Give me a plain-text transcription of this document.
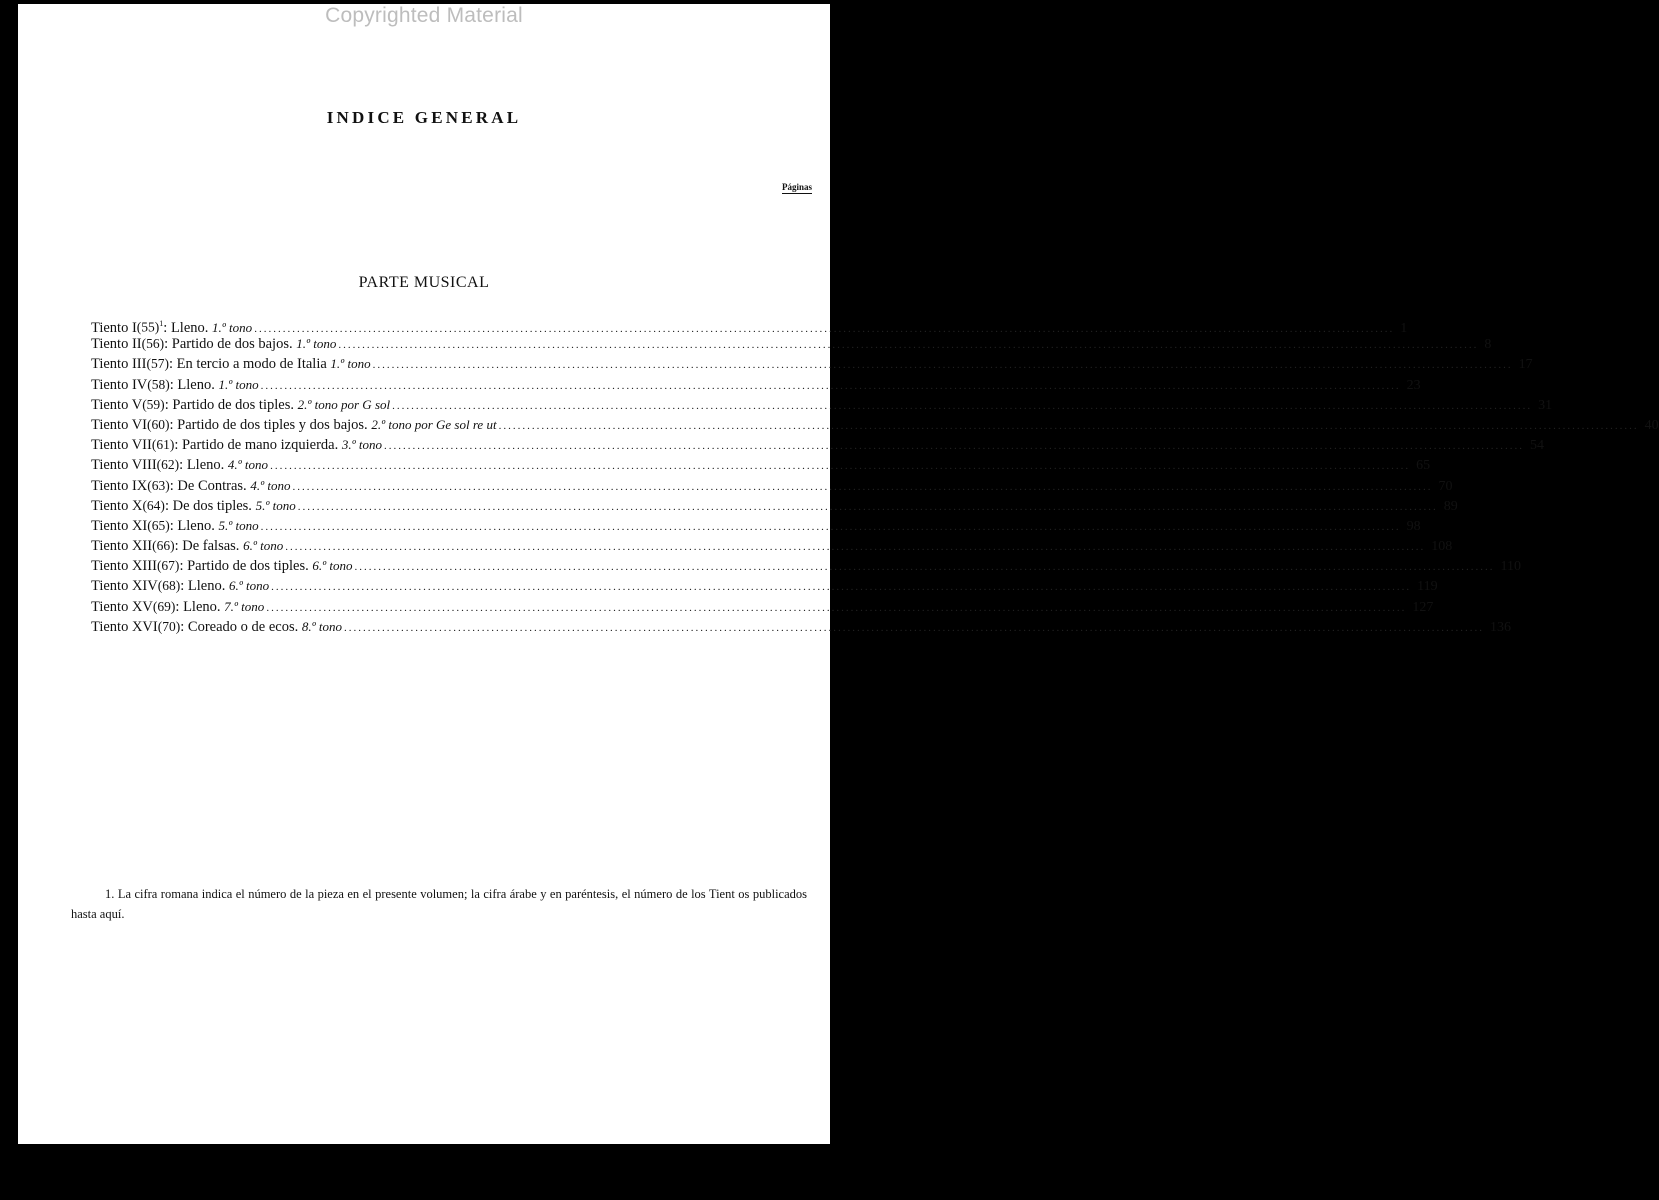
Copyrighted Material
INDICE GENERAL
Páginas
PARTE MUSICAL
Tiento I $(55)^1$ : Lleno. 1.º tono .....	1
Tiento II (56) : Partido de dos bajos. 1.º tono .....	8
Tiento III (57) : En tercio a modo de Italia 1.º tono .....	17
Tiento IV (58) : Lleno. 1.º tono .....	23
Tiento V (59) : Partido de dos tiples. 2.º tono por G sol .....	31
Tiento VI (60) : Partido de dos tiples y dos bajos. 2.º tono por Ge sol re ut .....	40
Tiento VII (61) : Partido de mano izquierda. 3.º tono .....	54
Tiento VIII (62) : Lleno. 4.º tono .....	65
Tiento IX (63) : De Contras. 4.º tono .....	70
Tiento X (64) : De dos tiples. 5.º tono .....	89
Tiento XI (65) : Lleno. 5.º tono .....	98
Tiento XII (66) : De falsas. 6.º tono .....	108
Tiento XIII (67) : Partido de dos tiples. 6.º tono .....	110
Tiento XIV (68) : Lleno. 6.º tono .....	119
Tiento XV (69) : Lleno. 7.º tono .....	127
Tiento XVI (70) : Coreado o de ecos. 8.º tono .....	136
1. La cifra romana indica el número de la pieza en el presente volumen; la cifra árabe y en paréntesis, el número de los Tient os publicados hasta aquí.
